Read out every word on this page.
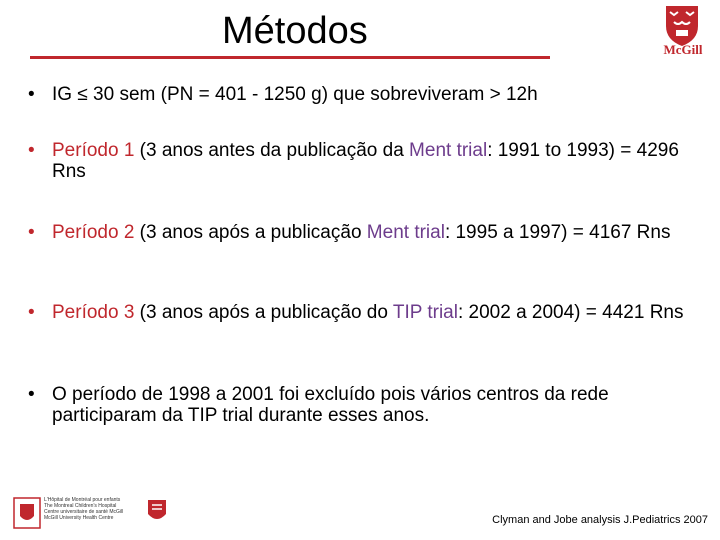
Métodos	McGill
• IG ≤ 30 sem (PN = 401 - 1250 g) que sobreviveram > 12h
• Período 1 (3 anos antes da publicação da Ment trial: 1991 to 1993) = 4296 Rns
• Período 2 (3 anos após a publicação Ment trial: 1995 a 1997) = 4167 Rns
• Período 3 (3 anos após a publicação do TIP trial: 2002 a 2004) = 4421 Rns
• O período de 1998 a 2001 foi excluído pois vários centros da rede participaram da TIP trial durante esses anos.
L'Hôpital de Montréal pour enfants
The Montreal Children's Hospital
Centre universitaire de santé McGill
McGill University Health Centre	Clyman and Jobe analysis J.Pediatrics 2007
